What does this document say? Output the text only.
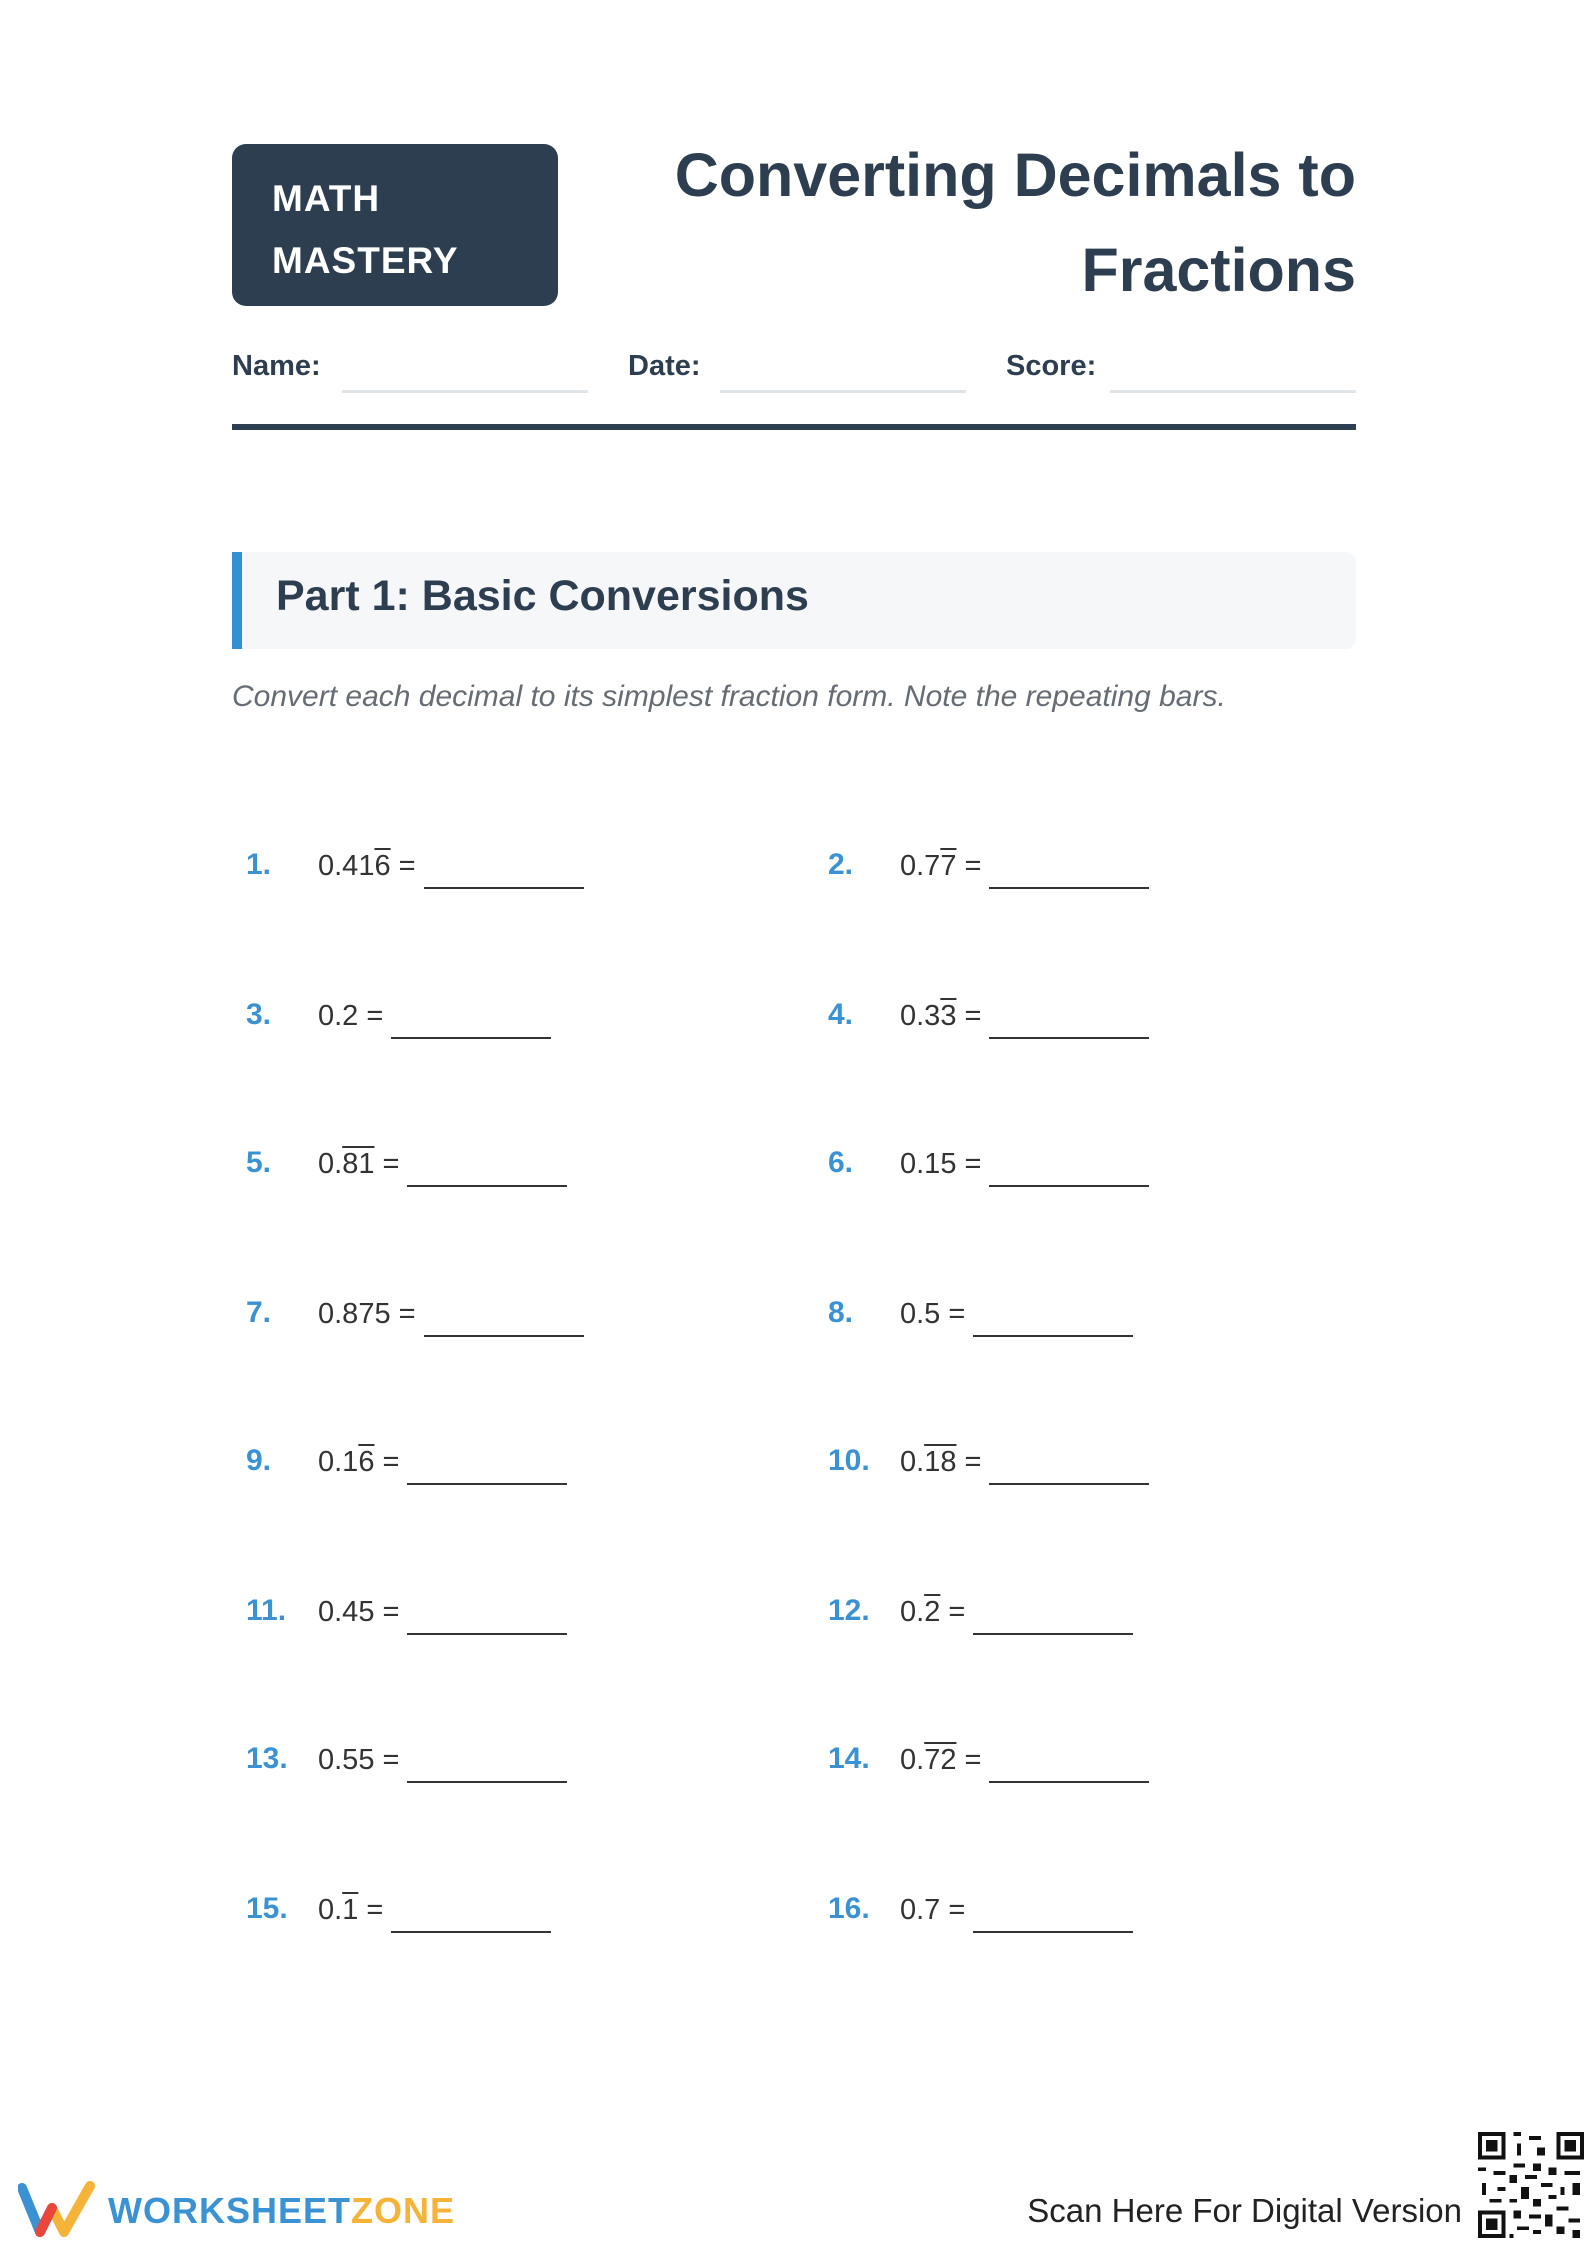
MATH
MASTERY
Converting Decimals to
Fractions
Name:	Date:	Score:
Part 1: Basic Conversions
Convert each decimal to its simplest fraction form. Note the repeating bars.
1. 0.416 =	2. 0.77 =
3. 0.2 =	4. 0.33 =
5. 0.81 =	6. 0.15 =
7. 0.875 =	8. 0.5 =
9. 0.16 =	10. 0.18 =
11. 0.45 =	12. 0.2 =
13. 0.55 =	14. 0.72 =
15. 0.1 =	16. 0.7 =
WORKSHEETZONE	Scan Here For Digital Version
